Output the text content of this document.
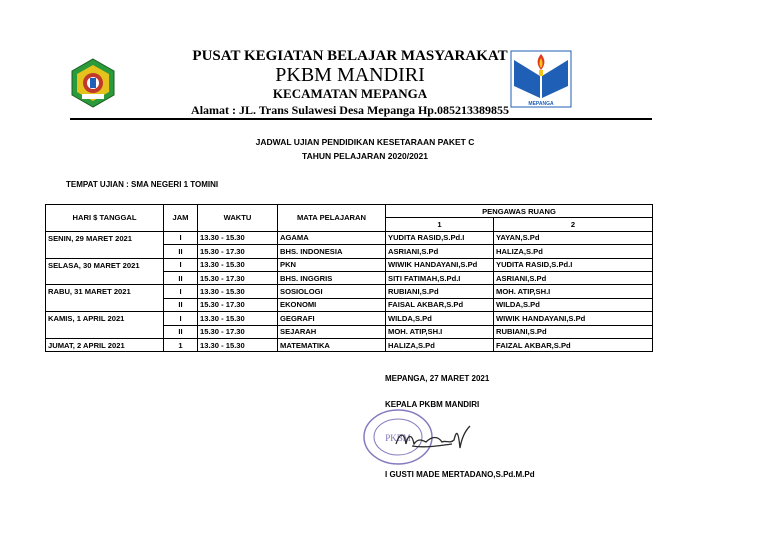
PUSAT KEGIATAN BELAJAR MASYARAKAT
PKBM MANDIRI
KECAMATAN MEPANGA
Alamat : JL. Trans Sulawesi Desa Mepanga Hp.085213389855	MEPANGA
JADWAL UJIAN PENDIDIKAN KESETARAAN PAKET C
TAHUN PELAJARAN 2020/2021
TEMPAT UJIAN : SMA NEGERI 1 TOMINI
HARI $ TANGGAL	JAM	WAKTU	MATA PELAJARAN	PENGAWAS RUANG	
				1	2
SENIN, 29 MARET 2021	I	13.30 - 15.30	AGAMA	YUDITA RASID,S.Pd.I	YAYAN,S.Pd
	II	15.30 - 17.30	BHS. INDONESIA	ASRIANI,S.Pd	HALIZA,S.Pd
SELASA, 30 MARET 2021	I	13.30 - 15.30	PKN	WIWIK HANDAYANI,S.Pd	YUDITA RASID,S.Pd.I
	II	15.30 - 17.30	BHS. INGGRIS	SITI FATIMAH,S.Pd.I	ASRIANI,S.Pd
RABU, 31 MARET 2021	I	13.30 - 15.30	SOSIOLOGI	RUBIANI,S.Pd	MOH. ATIP,SH.I
	II	15.30 - 17.30	EKONOMI	FAISAL AKBAR,S.Pd	WILDA,S.Pd
KAMIS, 1 APRIL 2021	I	13.30 - 15.30	GEGRAFI	WILDA,S.Pd	WIWIK HANDAYANI,S.Pd
	II	15.30 - 17.30	SEJARAH	MOH. ATIP,SH.I	RUBIANI,S.Pd
JUMAT, 2 APRIL 2021	1	13.30 - 15.30	MATEMATIKA	HALIZA,S.Pd	FAIZAL AKBAR,S.Pd
MEPANGA, 27 MARET 2021
KEPALA PKBM MANDIRI
PKBM
I GUSTI MADE MERTADANO,S.Pd.M.Pd
